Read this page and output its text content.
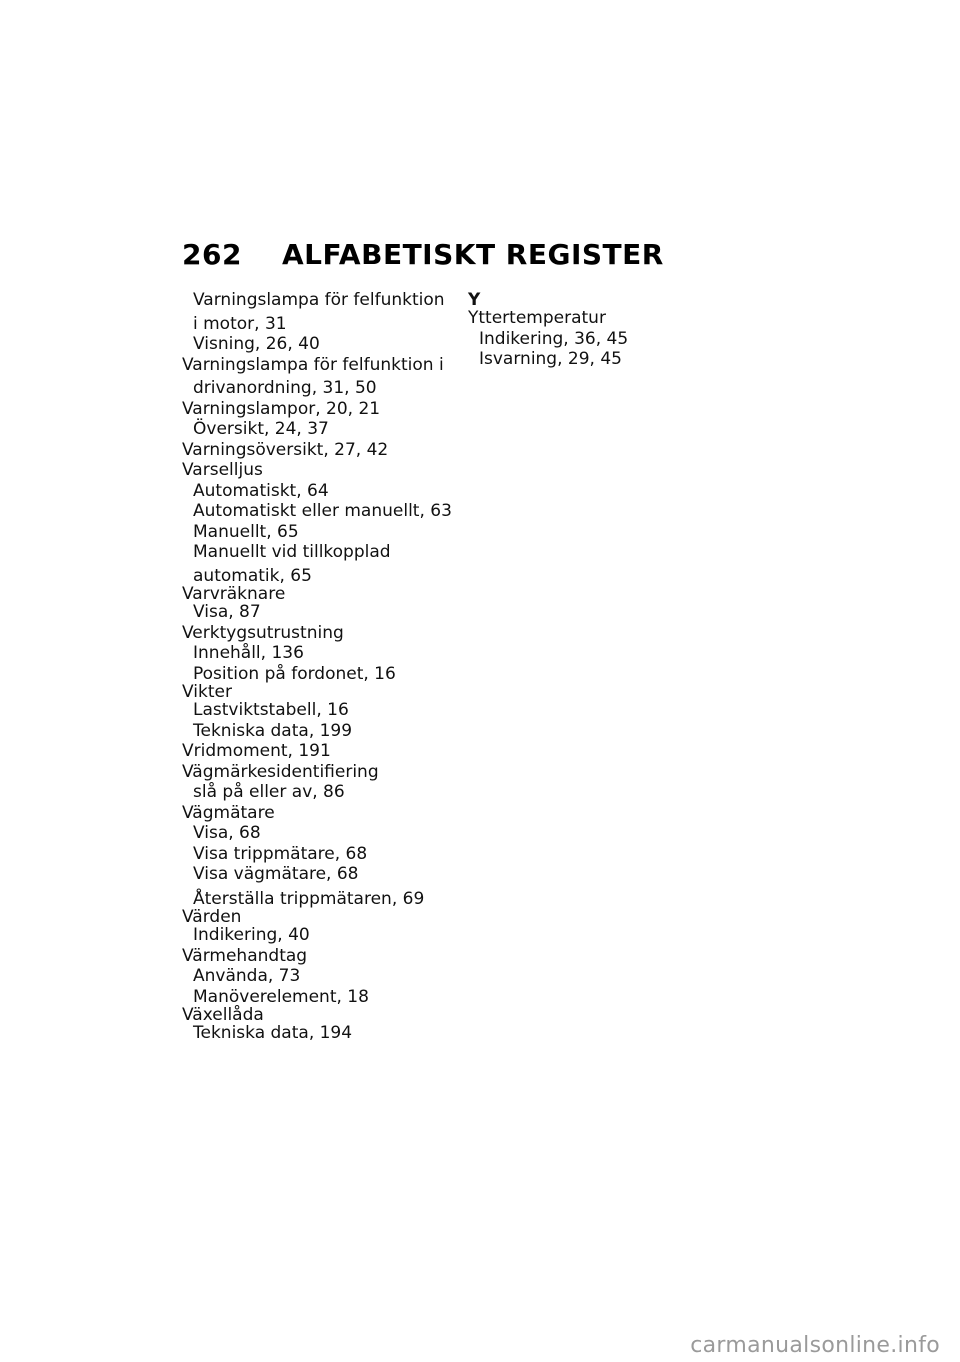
262 ALFABETISKT REGISTER
Varningslampa för felfunktion
i motor, 31
Visning, 26, 40
Varningslampa för felfunktion i
drivanordning, 31, 50
Varningslampor, 20, 21
Översikt, 24, 37
Varningsöversikt, 27, 42
Varselljus
Automatiskt, 64
Automatiskt eller manuellt, 63
Manuellt, 65
Manuellt vid tillkopplad
automatik, 65
Varvräknare
Visa, 87
Verktygsutrustning
Innehåll, 136
Position på fordonet, 16
Vikter
Lastviktstabell, 16
Tekniska data, 199
Vridmoment, 191
Vägmärkesidentifiering
slå på eller av, 86
Vägmätare
Visa, 68
Visa trippmätare, 68
Visa vägmätare, 68
Återställa trippmätaren, 69
Värden
Indikering, 40
Värmehandtag
Använda, 73
Manöverelement, 18
Växellåda
Tekniska data, 194
Y
Yttertemperatur
Indikering, 36, 45
Isvarning, 29, 45
carmanualsonline.info
